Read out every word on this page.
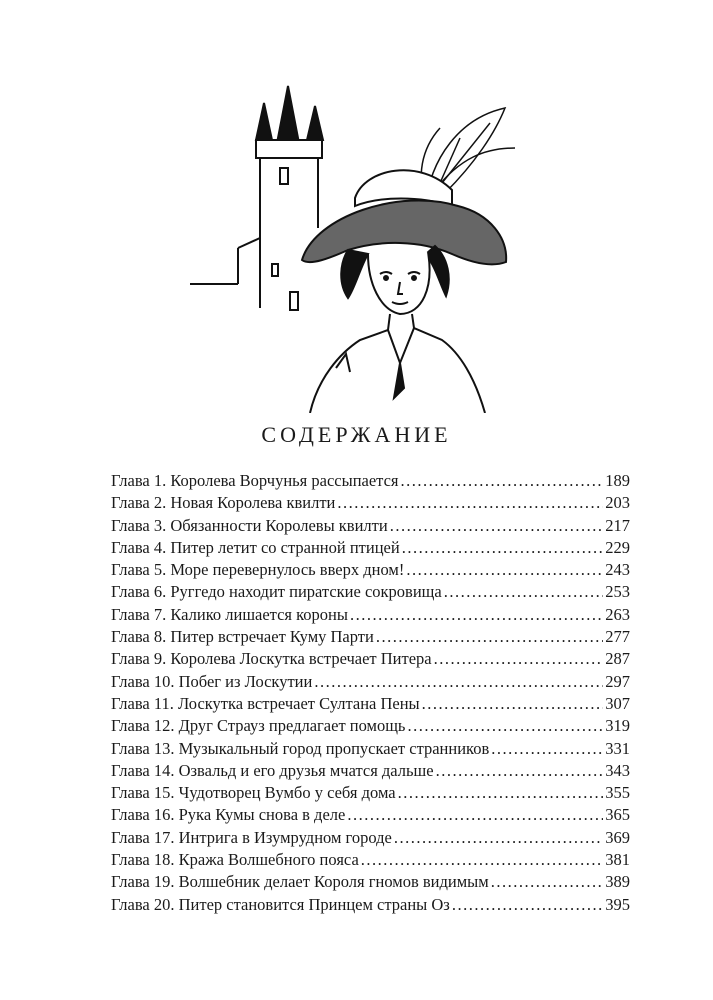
СОДЕРЖАНИЕ
Глава 1. Королева Ворчунья рассыпается .....	189
Глава 2. Новая Королева квилти .....	203
Глава 3. Обязанности Королевы квилти .....	217
Глава 4. Питер летит со странной птицей .....	229
Глава 5. Море перевернулось вверх дном! .....	243
Глава 6. Руггедо находит пиратские сокровища .....	253
Глава 7. Калико лишается короны .....	263
Глава 8. Питер встречает Куму Парти .....	277
Глава 9. Королева Лоскутка встречает Питера .....	287
Глава 10. Побег из Лоскутии .....	297
Глава 11. Лоскутка встречает Султана Пены .....	307
Глава 12. Друг Страуз предлагает помощь .....	319
Глава 13. Музыкальный город пропускает странников .....	331
Глава 14. Озвальд и его друзья мчатся дальше .....	343
Глава 15. Чудотворец Вумбо у себя дома .....	355
Глава 16. Рука Кумы снова в деле .....	365
Глава 17. Интрига в Изумрудном городе .....	369
Глава 18. Кража Волшебного пояса .....	381
Глава 19. Волшебник делает Короля гномов видимым .....	389
Глава 20. Питер становится Принцем страны Оз .....	395
